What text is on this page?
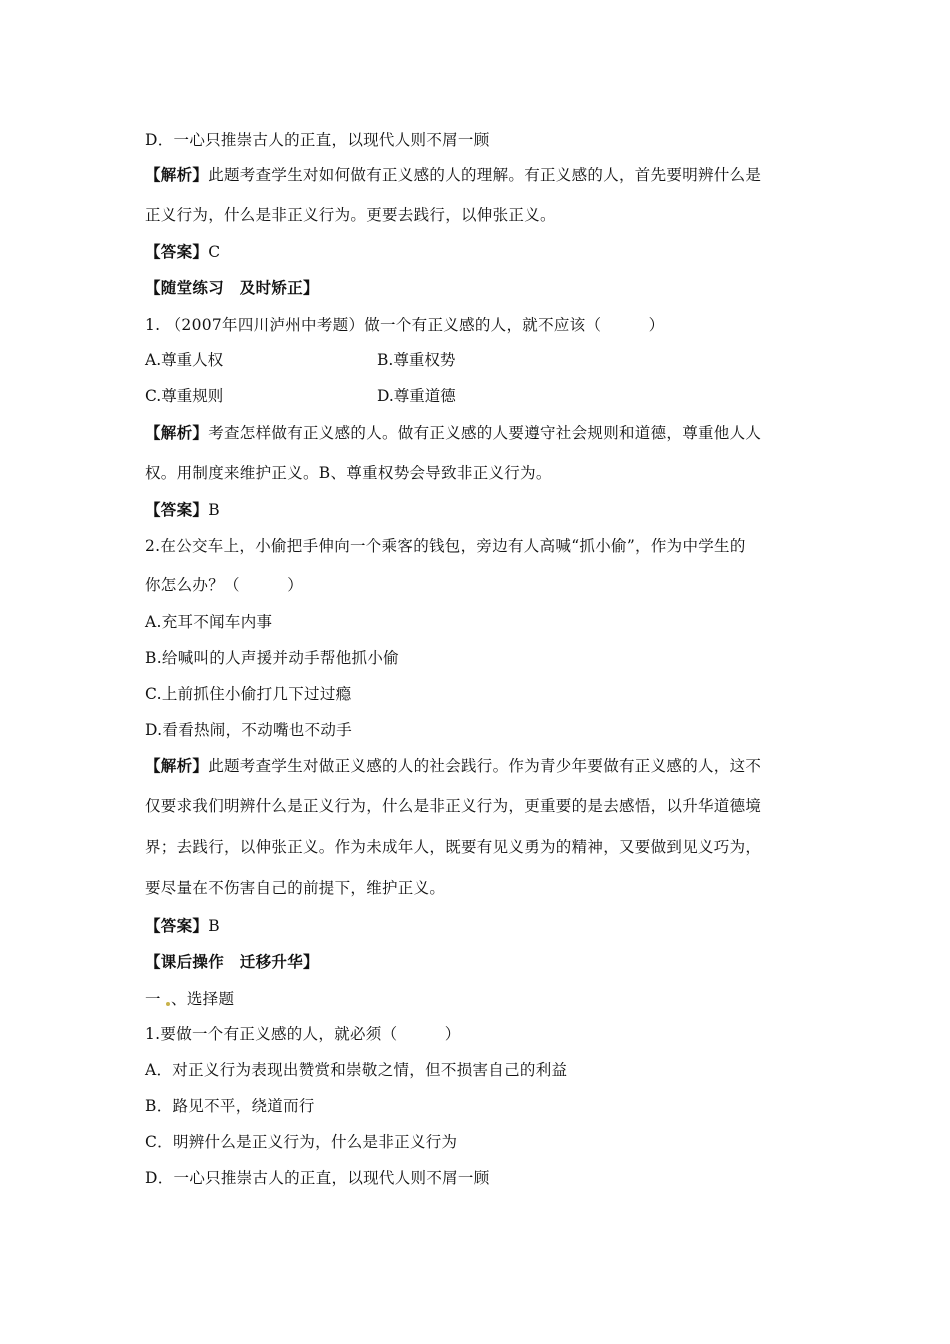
D．一心只推崇古人的正直，以现代人则不屑一顾
【解析】此题考查学生对如何做有正义感的人的理解。有正义感的人，首先要明辨什么是
正义行为，什么是非正义行为。更要去践行，以伸张正义。
【答案】C
【随堂练习　及时矫正】
1. （2007年四川泸州中考题）做一个有正义感的人，就不应该（　　　）
A.尊重人权	B.尊重权势
C.尊重规则	D.尊重道德
【解析】考查怎样做有正义感的人。做有正义感的人要遵守社会规则和道德，尊重他人人
权。用制度来维护正义。B、尊重权势会导致非正义行为。
【答案】B
2.在公交车上，小偷把手伸向一个乘客的钱包，旁边有人高喊“抓小偷”，作为中学生的
你怎么办？（　　　）
A.充耳不闻车内事
B.给喊叫的人声援并动手帮他抓小偷
C.上前抓住小偷打几下过过瘾
D.看看热闹，不动嘴也不动手
【解析】此题考查学生对做正义感的人的社会践行。作为青少年要做有正义感的人，这不
仅要求我们明辨什么是正义行为，什么是非正义行为，更重要的是去感悟，以升华道德境
界；去践行，以伸张正义。作为未成年人，既要有见义勇为的精神，又要做到见义巧为，
要尽量在不伤害自己的前提下，维护正义。
【答案】B
【课后操作　迁移升华】
一 、选择题
1.要做一个有正义感的人，就必须（　　　）
A．对正义行为表现出赞赏和崇敬之情，但不损害自己的利益
B．路见不平，绕道而行
C．明辨什么是正义行为，什么是非正义行为
D．一心只推崇古人的正直，以现代人则不屑一顾
